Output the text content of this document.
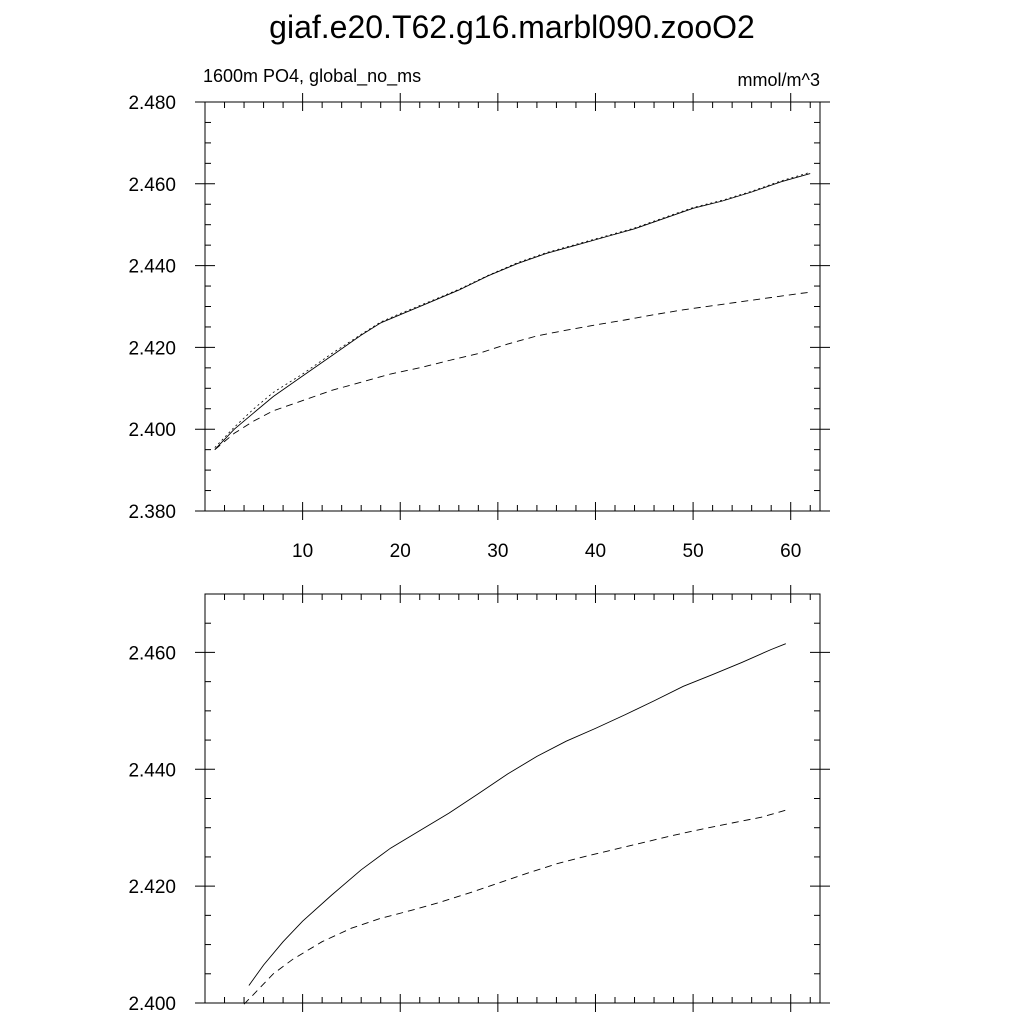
giaf.e20.T62.g16.marbl090.zooO2
1600m PO4, global_no_ms	mmol/m^3
10	20	30	40	50	60
2.380
2.400
2.420
2.440
2.460
2.480
2.400
2.420
2.440
2.460
